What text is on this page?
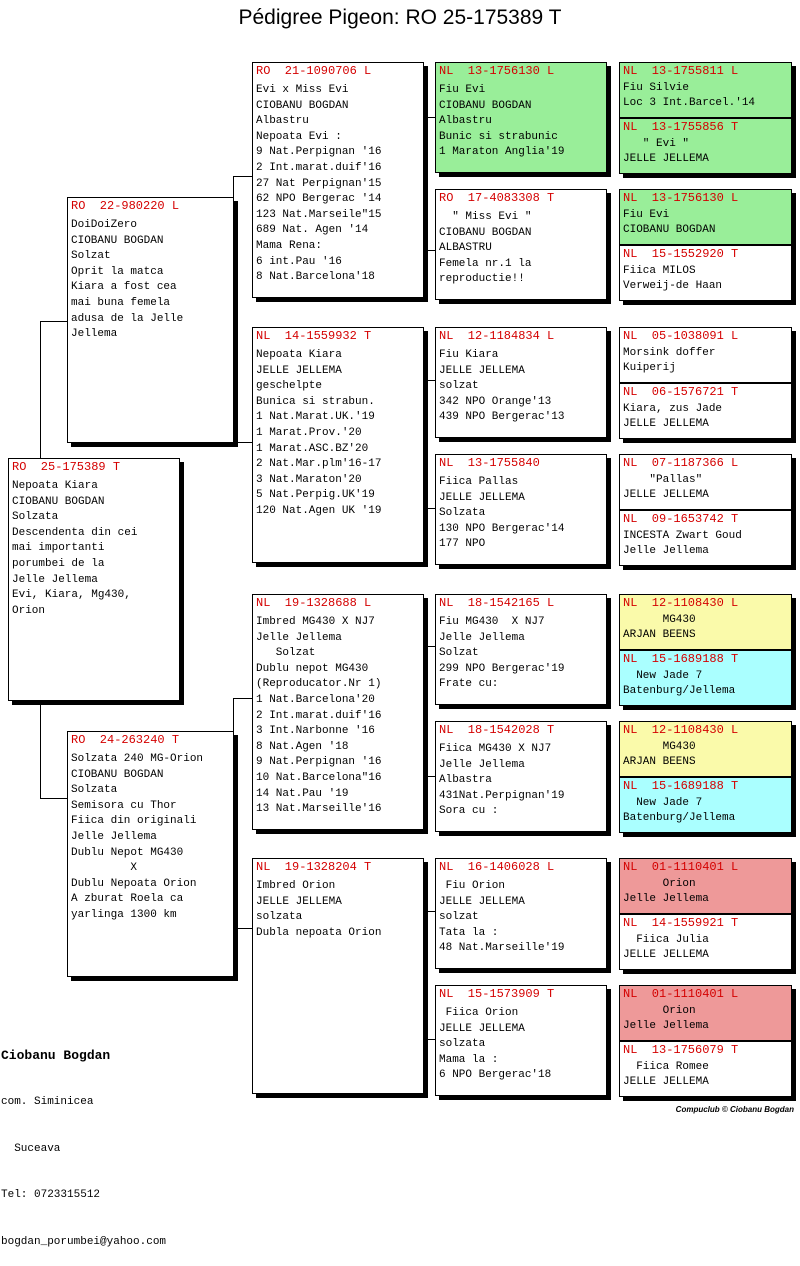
Pédigree Pigeon: RO 25-175389 T
RO  25-175389 T
Nepoata Kiara
CIOBANU BOGDAN
Solzata
Descendenta din cei
mai importanti
porumbei de la
Jelle Jellema
Evi, Kiara, Mg430,
Orion
RO  22-980220 L
DoiDoiZero
CIOBANU BOGDAN
Solzat
Oprit la matca
Kiara a fost cea
mai buna femela
adusa de la Jelle
Jellema
RO  24-263240 T
Solzata 240 MG-Orion
CIOBANU BOGDAN
Solzata
Semisora cu Thor
Fiica din originali
Jelle Jellema
Dublu Nepot MG430
X
Dublu Nepoata Orion
A zburat Roela ca
yarlinga 1300 km
RO  21-1090706 L
Evi x Miss Evi
CIOBANU BOGDAN
Albastru
Nepoata Evi :
9 Nat.Perpignan '16
2 Int.marat.duif'16
27 Nat Perpignan'15
62 NPO Bergerac '14
123 Nat.Marseile"15
689 Nat. Agen '14
Mama Rena:
6 int.Pau '16
8 Nat.Barcelona'18
NL  14-1559932 T
Nepoata Kiara
JELLE JELLEMA
geschelpte
Bunica si strabun.
1 Nat.Marat.UK.'19
1 Marat.Prov.'20
1 Marat.ASC.BZ'20
2 Nat.Mar.plm'16-17
3 Nat.Maraton'20
5 Nat.Perpig.UK'19
120 Nat.Agen UK '19
NL  19-1328688 L
Imbred MG430 X NJ7
Jelle Jellema
Solzat
Dublu nepot MG430
(Reproducator.Nr 1)
1 Nat.Barcelona'20
2 Int.marat.duif'16
3 Int.Narbonne '16
8 Nat.Agen '18
9 Nat.Perpignan '16
10 Nat.Barcelona"16
14 Nat.Pau '19
13 Nat.Marseille'16
NL  19-1328204 T
Imbred Orion
JELLE JELLEMA
solzata
Dubla nepoata Orion
NL  13-1756130 L
Fiu Evi
CIOBANU BOGDAN
Albastru
Bunic si strabunic
1 Maraton Anglia'19
RO  17-4083308 T
" Miss Evi "
CIOBANU BOGDAN
ALBASTRU
Femela nr.1 la
reproductie!!
NL  12-1184834 L
Fiu Kiara
JELLE JELLEMA
solzat
342 NPO Orange'13
439 NPO Bergerac'13
NL  13-1755840
Fiica Pallas
JELLE JELLEMA
Solzata
130 NPO Bergerac'14
177 NPO
NL  18-1542165 L
Fiu MG430  X NJ7
Jelle Jellema
Solzat
299 NPO Bergerac'19
Frate cu:
NL  18-1542028 T
Fiica MG430 X NJ7
Jelle Jellema
Albastra
431Nat.Perpignan'19
Sora cu :
NL  16-1406028 L
Fiu Orion
JELLE JELLEMA
solzat
Tata la :
48 Nat.Marseille'19
NL  15-1573909 T
Fiica Orion
JELLE JELLEMA
solzata
Mama la :
6 NPO Bergerac'18
NL  13-1755811 L
Fiu Silvie
Loc 3 Int.Barcel.'14
NL  13-1755856 T
" Evi "
JELLE JELLEMA
NL  13-1756130 L
Fiu Evi
CIOBANU BOGDAN
NL  15-1552920 T
Fiica MILOS
Verweij-de Haan
NL  05-1038091 L
Morsink doffer
Kuiperij
NL  06-1576721 T
Kiara, zus Jade
JELLE JELLEMA
NL  07-1187366 L
"Pallas"
JELLE JELLEMA
NL  09-1653742 T
INCESTA Zwart Goud
Jelle Jellema
NL  12-1108430 L
MG430
ARJAN BEENS
NL  15-1689188 T
New Jade 7
Batenburg/Jellema
NL  12-1108430 L
MG430
ARJAN BEENS
NL  15-1689188 T
New Jade 7
Batenburg/Jellema
NL  01-1110401 L
Orion
Jelle Jellema
NL  14-1559921 T
Fiica Julia
JELLE JELLEMA
NL  01-1110401 L
Orion
Jelle Jellema
NL  13-1756079 T
Fiica Romee
JELLE JELLEMA

Ciobanu Bogdan

com. Siminicea

Suceava

Tel: 0723315512

bogdan_porumbei@yahoo.com

Compuclub © Ciobanu Bogdan
